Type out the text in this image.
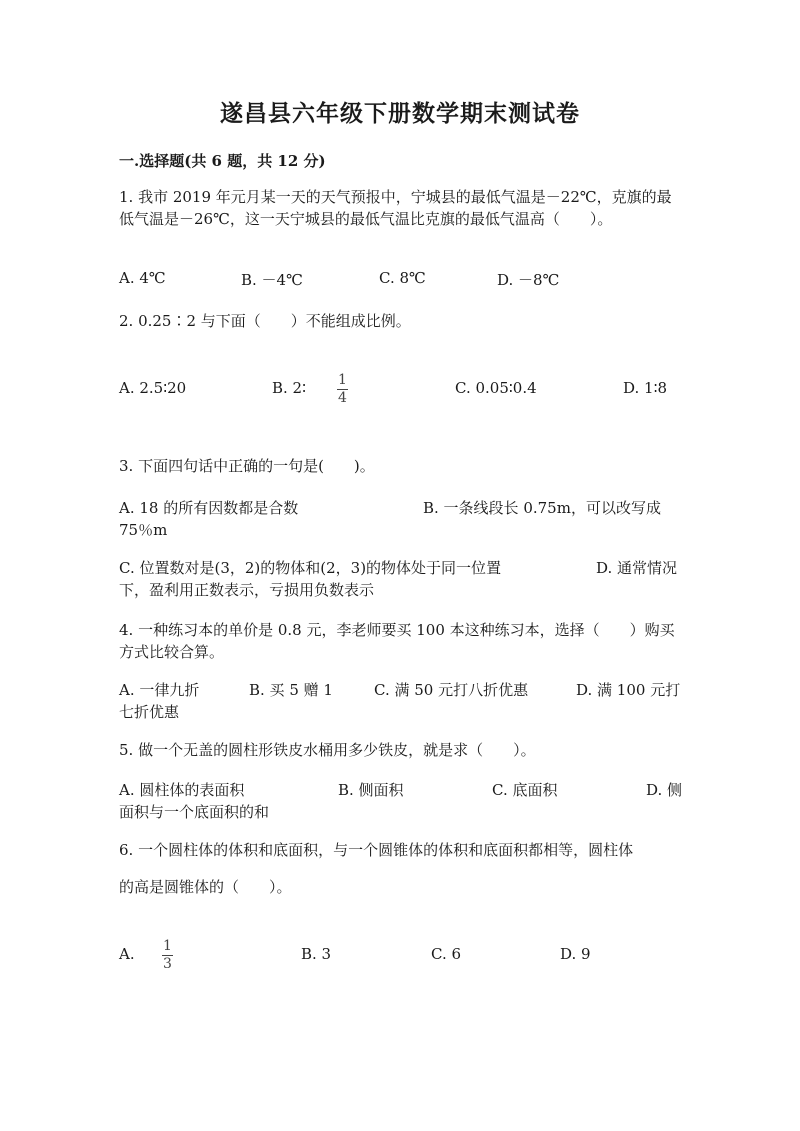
遂昌县六年级下册数学期末测试卷
一.选择题(共 6 题，共 12 分)
1. 我市 2019 年元月某一天的天气预报中，宁城县的最低气温是－22℃，克旗的最低气温是－26℃，这一天宁城县的最低气温比克旗的最低气温高（　　）。
A. 4℃	B. －4℃	C. 8℃	D. －8℃
2. 0.25∶2 与下面（　　）不能组成比例。
A. 2.5∶20	B. 2∶ 1
4
C. 0.05∶0.4	D. 1∶8
3. 下面四句话中正确的一句是(　　)。
A. 18 的所有因数都是合数	B. 一条线段长 0.75m，可以改写成
75％m
C. 位置数对是(3，2)的物体和(2，3)的物体处于同一位置	D. 通常情况
下，盈利用正数表示，亏损用负数表示
4. 一种练习本的单价是 0.8 元，李老师要买 100 本这种练习本，选择（　　）购买方式比较合算。
A. 一律九折	B. 买 5 赠 1	C. 满 50 元打八折优惠	D. 满 100 元打
七折优惠
5. 做一个无盖的圆柱形铁皮水桶用多少铁皮，就是求（　　）。
A. 圆柱体的表面积	B. 侧面积	C. 底面积	D. 侧
面积与一个底面积的和
6. 一个圆柱体的体积和底面积，与一个圆锥体的体积和底面积都相等，圆柱体
的高是圆锥体的（　　）。
A. 1
3
B. 3	C. 6	D. 9
